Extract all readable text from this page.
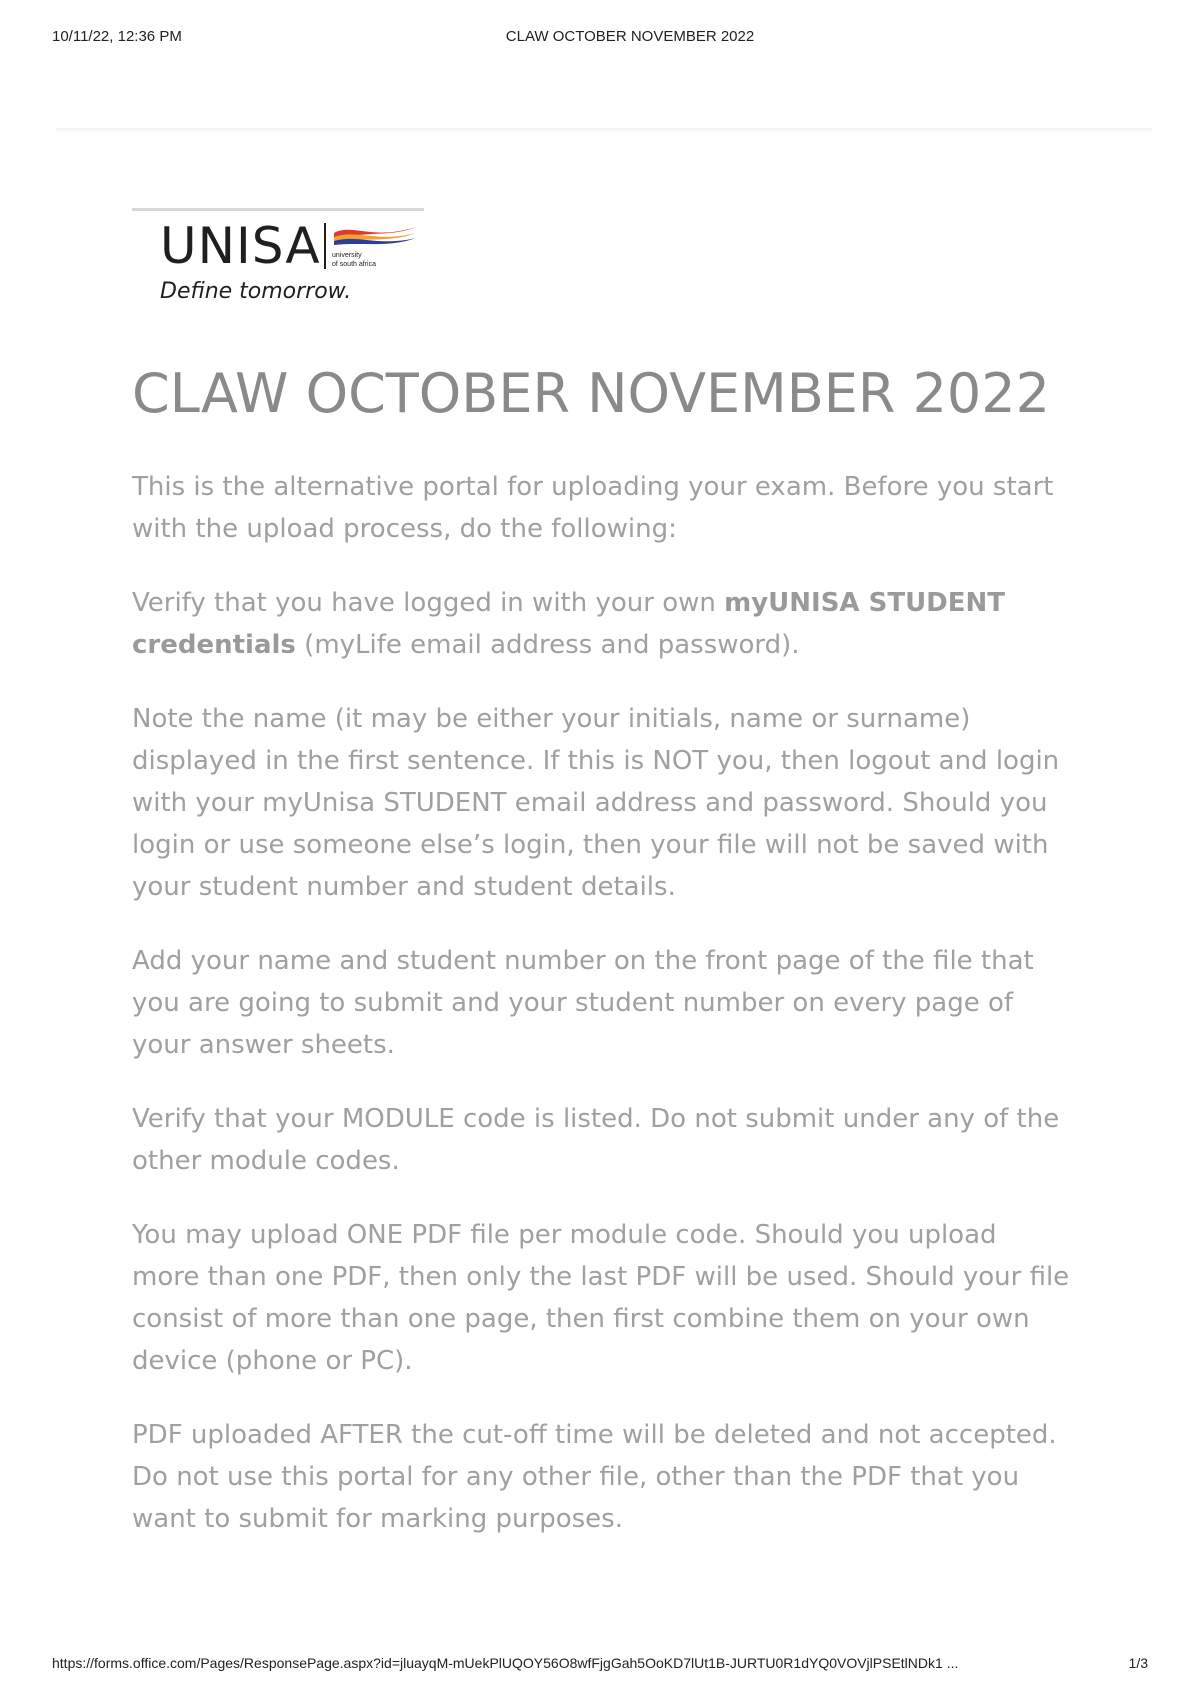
10/11/22, 12:36 PM	CLAW OCTOBER NOVEMBER 2022
UNISA university
of south africa
Define tomorrow.
CLAW OCTOBER NOVEMBER 2022

This is the alternative portal for uploading your exam. Before you start with the upload process, do the following:

Verify that you have logged in with your own myUNISA STUDENT credentials (myLife email address and password).

Note the name (it may be either your initials, name or surname) displayed in the first sentence. If this is NOT you, then logout and login with your myUnisa STUDENT email address and password. Should you login or use someone else’s login, then your file will not be saved with your student number and student details.

Add your name and student number on the front page of the file that you are going to submit and your student number on every page of your answer sheets.

Verify that your MODULE code is listed. Do not submit under any of the other module codes.

You may upload ONE PDF file per module code. Should you upload more than one PDF, then only the last PDF will be used. Should your file consist of more than one page, then first combine them on your own device (phone or PC).

PDF uploaded AFTER the cut-off time will be deleted and not accepted. Do not use this portal for any other file, other than the PDF that you want to submit for marking purposes.

https://forms.office.com/Pages/ResponsePage.aspx?id=jluayqM-mUekPlUQOY56O8wfFjgGah5OoKD7lUt1B-JURTU0R1dYQ0VOVjlPSEtlNDk1 ...	1/3
